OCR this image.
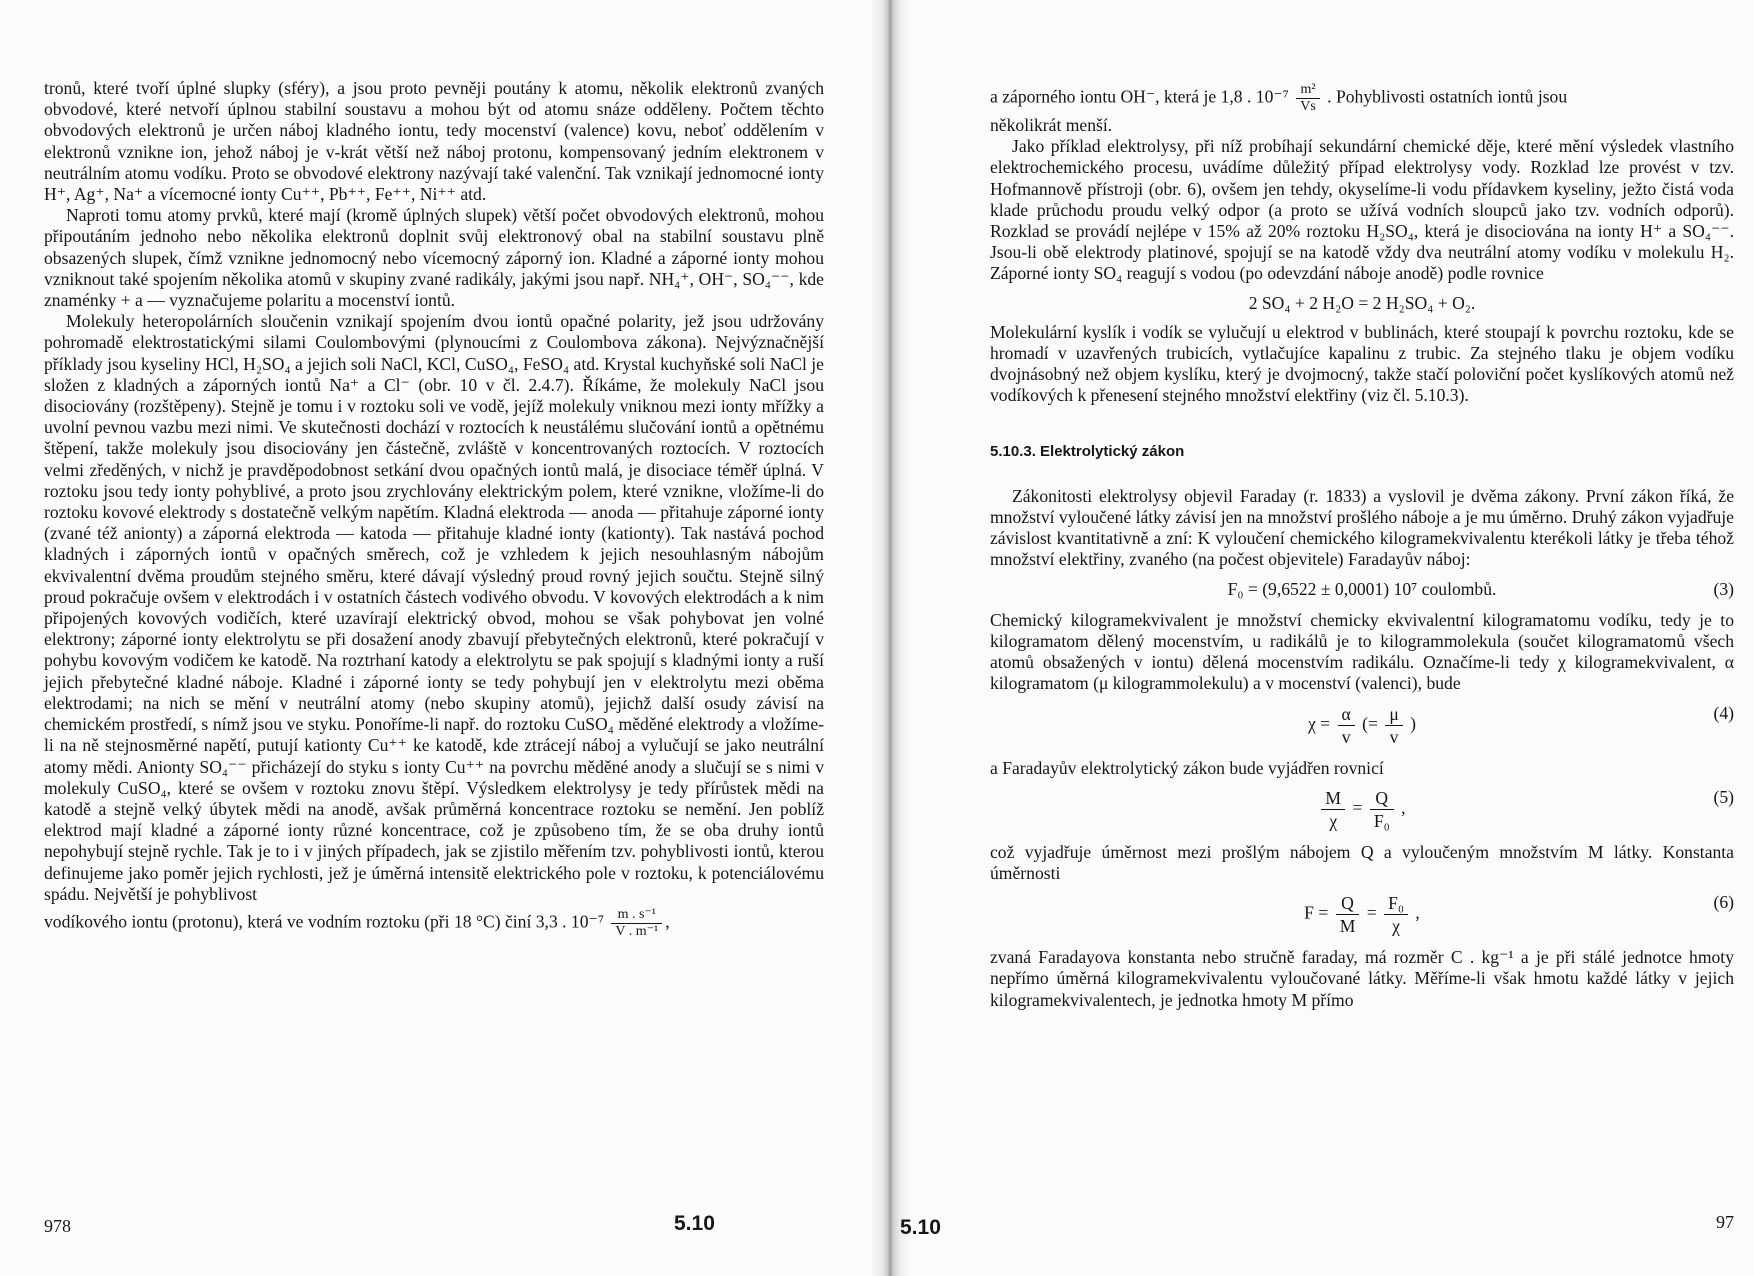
tronů, které tvoří úplné slupky (sféry), a jsou proto pevněji poutány k atomu, několik elektronů zvaných obvodové, které netvoří úplnou stabilní soustavu a mohou být od atomu snáze odděleny. Počtem těchto obvodových elektronů je určen náboj kladného iontu, tedy mocenství (valence) kovu, neboť oddělením v elektronů vznikne ion, jehož náboj je v-krát větší než náboj protonu, kompensovaný jedním elektronem v neutrálním atomu vodíku. Proto se obvodové elektrony nazývají také valenční. Tak vznikají jednomocné ionty H⁺, Ag⁺, Na⁺ a vícemocné ionty Cu⁺⁺, Pb⁺⁺, Fe⁺⁺, Ni⁺⁺ atd.

Naproti tomu atomy prvků, které mají (kromě úplných slupek) větší počet obvodových elektronů, mohou připoutáním jednoho nebo několika elektronů doplnit svůj elektronový obal na stabilní soustavu plně obsazených slupek, čímž vznikne jednomocný nebo vícemocný záporný ion. Kladné a záporné ionty mohou vzniknout také spojením několika atomů v skupiny zvané radikály, jakými jsou např. NH₄⁺, OH⁻, SO₄⁻⁻, kde znaménky + a — vyznačujeme polaritu a mocenství iontů.

Molekuly heteropolárních sloučenin vznikají spojením dvou iontů opačné polarity, jež jsou udržovány pohromadě elektrostatickými silami Coulombovými (plynoucími z Coulombova zákona). Nejvýznačnější příklady jsou kyseliny HCl, H₂SO₄ a jejich soli NaCl, KCl, CuSO₄, FeSO₄ atd. Krystal kuchyňské soli NaCl je složen z kladných a záporných iontů Na⁺ a Cl⁻ (obr. 10 v čl. 2.4.7). Říkáme, že molekuly NaCl jsou disociovány (rozštěpeny). Stejně je tomu i v roztoku soli ve vodě, jejíž molekuly vniknou mezi ionty mřížky a uvolní pevnou vazbu mezi nimi. Ve skutečnosti dochází v roztocích k neustálému slučování iontů a opětnému štěpení, takže molekuly jsou disociovány jen částečně, zvláště v koncentrovaných roztocích. V roztocích velmi zředěných, v nichž je pravděpodobnost setkání dvou opačných iontů malá, je disociace téměř úplná. V roztoku jsou tedy ionty pohyblivé, a proto jsou zrychlovány elektrickým polem, které vznikne, vložíme-li do roztoku kovové elektrody s dostatečně velkým napětím. Kladná elektroda — anoda — přitahuje záporné ionty (zvané též anionty) a záporná elektroda — katoda — přitahuje kladné ionty (kationty). Tak nastává pochod kladných i záporných iontů v opačných směrech, což je vzhledem k jejich nesouhlasným nábojům ekvivalentní dvěma proudům stejného směru, které dávají výsledný proud rovný jejich součtu. Stejně silný proud pokračuje ovšem v elektrodách i v ostatních částech vodivého obvodu. V kovových elektrodách a k nim připojených kovových vodičích, které uzavírají elektrický obvod, mohou se však pohybovat jen volné elektrony; záporné ionty elektrolytu se při dosažení anody zbavují přebytečných elektronů, které pokračují v pohybu kovovým vodičem ke katodě. Na roztrhaní katody a elektrolytu se pak spojují s kladnými ionty a ruší jejich přebytečné kladné náboje. Kladné i záporné ionty se tedy pohybují jen v elektrolytu mezi oběma elektrodami; na nich se mění v neutrální atomy (nebo skupiny atomů), jejichž další osudy závisí na chemickém prostředí, s nímž jsou ve styku. Ponoříme-li např. do roztoku CuSO₄ měděné elektrody a vložíme-li na ně stejnosměrné napětí, putují kationty Cu⁺⁺ ke katodě, kde ztrácejí náboj a vylučují se jako neutrální atomy mědi. Anionty SO₄⁻⁻ přicházejí do styku s ionty Cu⁺⁺ na povrchu měděné anody a slučují se s nimi v molekuly CuSO₄, které se ovšem v roztoku znovu štěpí. Výsledkem elektrolysy je tedy přírůstek mědi na katodě a stejně velký úbytek mědi na anodě, avšak průměrná koncentrace roztoku se nemění. Jen poblíž elektrod mají kladné a záporné ionty různé koncentrace, což je způsobeno tím, že se oba druhy iontů nepohybují stejně rychle. Tak je to i v jiných případech, jak se zjistilo měřením tzv. pohyblivosti iontů, kterou definujeme jako poměr jejich rychlosti, jež je úměrná intensitě elektrického pole v roztoku, k potenciálovému spádu. Největší je pohyblivost

vodíkového iontu (protonu), která ve vodním roztoku (při 18 °C) činí 3,3 . $10^{-7} \frac{\text{m . s⁻¹}}{\text{V . m⁻¹}}$ ,

978	5.10

a záporného iontu OH⁻, která je 1,8 . $10^{-7} \frac{\text{m²}}{Vs}$ . Pohyblivosti ostatních iontů jsou

několikrát menší.

Jako příklad elektrolysy, při níž probíhají sekundární chemické děje, které mění výsledek vlastního elektrochemického procesu, uvádíme důležitý případ elektrolysy vody. Rozklad lze provést v tzv. Hofmannově přístroji (obr. 6), ovšem jen tehdy, okyselíme-li vodu přídavkem kyseliny, ježto čistá voda klade průchodu proudu velký odpor (a proto se užívá vodních sloupců jako tzv. vodních odporů). Rozklad se provádí nejlépe v 15% až 20% roztoku H₂SO₄, která je disociována na ionty H⁺ a SO₄⁻⁻. Jsou-li obě elektrody platinové, spojují se na katodě vždy dva neutrální atomy vodíku v molekulu H₂. Záporné ionty SO₄ reagují s vodou (po odevzdání náboje anodě) podle rovnice

2 SO₄ + 2 H₂O = 2 H₂SO₄ + O₂.

Molekulární kyslík i vodík se vylučují u elektrod v bublinách, které stoupají k povrchu roztoku, kde se hromadí v uzavřených trubicích, vytlačujíce kapalinu z trubic. Za stejného tlaku je objem vodíku dvojnásobný než objem kyslíku, který je dvojmocný, takže stačí poloviční počet kyslíkových atomů než vodíkových k přenesení stejného množství elektřiny (viz čl. 5.10.3).

5.10.3. Elektrolytický zákon

Zákonitosti elektrolysy objevil Faraday (r. 1833) a vyslovil je dvěma zákony. První zákon říká, že množství vyloučené látky závisí jen na množství prošlého náboje a je mu úměrno. Druhý zákon vyjadřuje závislost kvantitativně a zní: K vyloučení chemického kilogramekvivalentu kterékoli látky je třeba téhož množství elektřiny, zvaného (na počest objevitele) Faradayův náboj:

F₀ = (9,6522 ± 0,0001) 10⁷ coulombů.	(3)

Chemický kilogramekvivalent je množství chemicky ekvivalentní kilogramatomu vodíku, tedy je to kilogramatom dělený mocenstvím, u radikálů je to kilogrammolekula (součet kilogramatomů všech atomů obsažených v iontu) dělená mocenstvím radikálu. Označíme-li tedy χ kilogramekvivalent, α kilogramatom (μ kilogrammolekulu) a v mocenství (valenci), bude

$\chi = \frac{\alpha}{v}$ (= $\frac{\mu}{v}$ )
(4)

a Faradayův elektrolytický zákon bude vyjádřen rovnicí

$\frac{M}{\chi} = \frac{Q}{\text{F₀}}$ ,
(5)

což vyjadřuje úměrnost mezi prošlým nábojem Q a vyloučeným množstvím M látky. Konstanta úměrnosti

$F = \frac{Q}{M} = \frac{\text{F₀}}{\chi}$ ,
(6)

zvaná Faradayova konstanta nebo stručně faraday, má rozměr C . kg⁻¹ a je při stálé jednotce hmoty nepřímo úměrná kilogramekvivalentu vyloučované látky. Měříme-li však hmotu každé látky v jejich kilogramekvivalentech, je jednotka hmoty M přímo

5.10	97
